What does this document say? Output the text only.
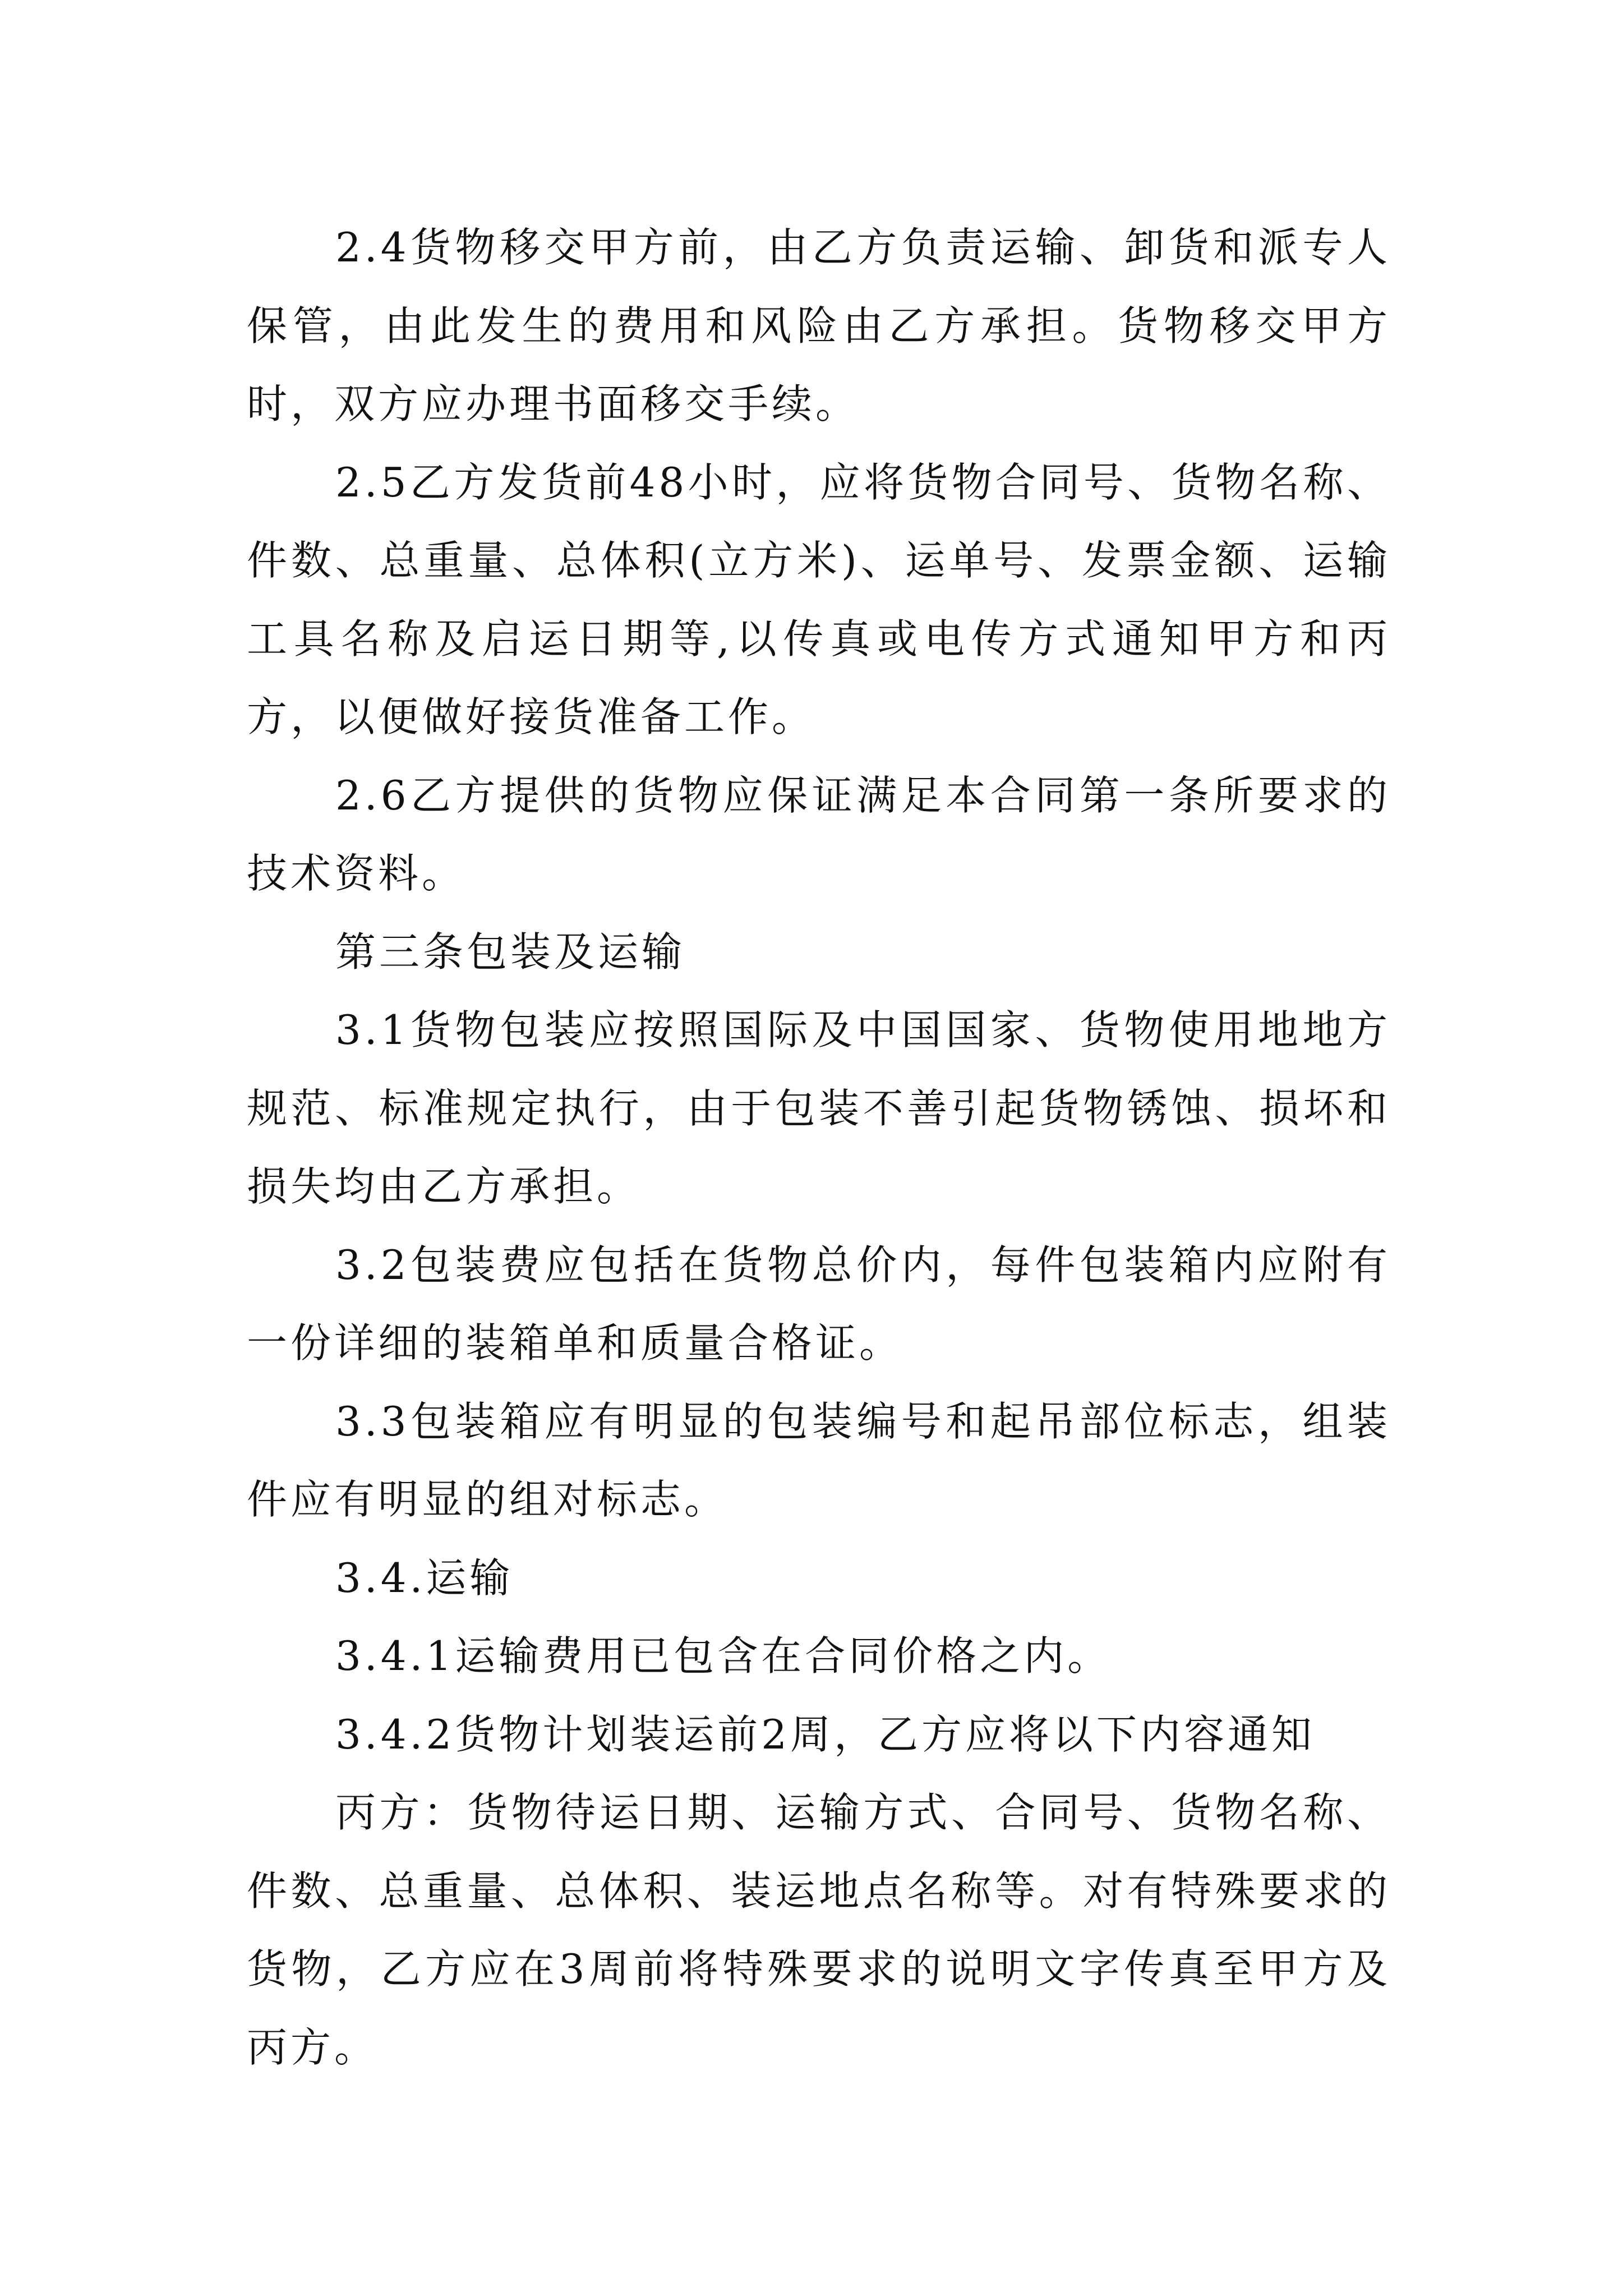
2.4货物移交甲方前，由乙方负责运输、卸货和派专人保管，由此发生的费用和风险由乙方承担。货物移交甲方时，双方应办理书面移交手续。

2.5乙方发货前48小时，应将货物合同号、货物名称、件数、总重量、总体积(立方米)、运单号、发票金额、运输工具名称及启运日期等,以传真或电传方式通知甲方和丙方，以便做好接货准备工作。

2.6乙方提供的货物应保证满足本合同第一条所要求的技术资料。

第三条包装及运输

3.1货物包装应按照国际及中国国家、货物使用地地方规范、标准规定执行，由于包装不善引起货物锈蚀、损坏和损失均由乙方承担。

3.2包装费应包括在货物总价内，每件包装箱内应附有一份详细的装箱单和质量合格证。

3.3包装箱应有明显的包装编号和起吊部位标志，组装件应有明显的组对标志。

3.4.运输

3.4.1运输费用已包含在合同价格之内。

3.4.2货物计划装运前2周，乙方应将以下内容通知

丙方：货物待运日期、运输方式、合同号、货物名称、件数、总重量、总体积、装运地点名称等。对有特殊要求的货物，乙方应在3周前将特殊要求的说明文字传真至甲方及丙方。
